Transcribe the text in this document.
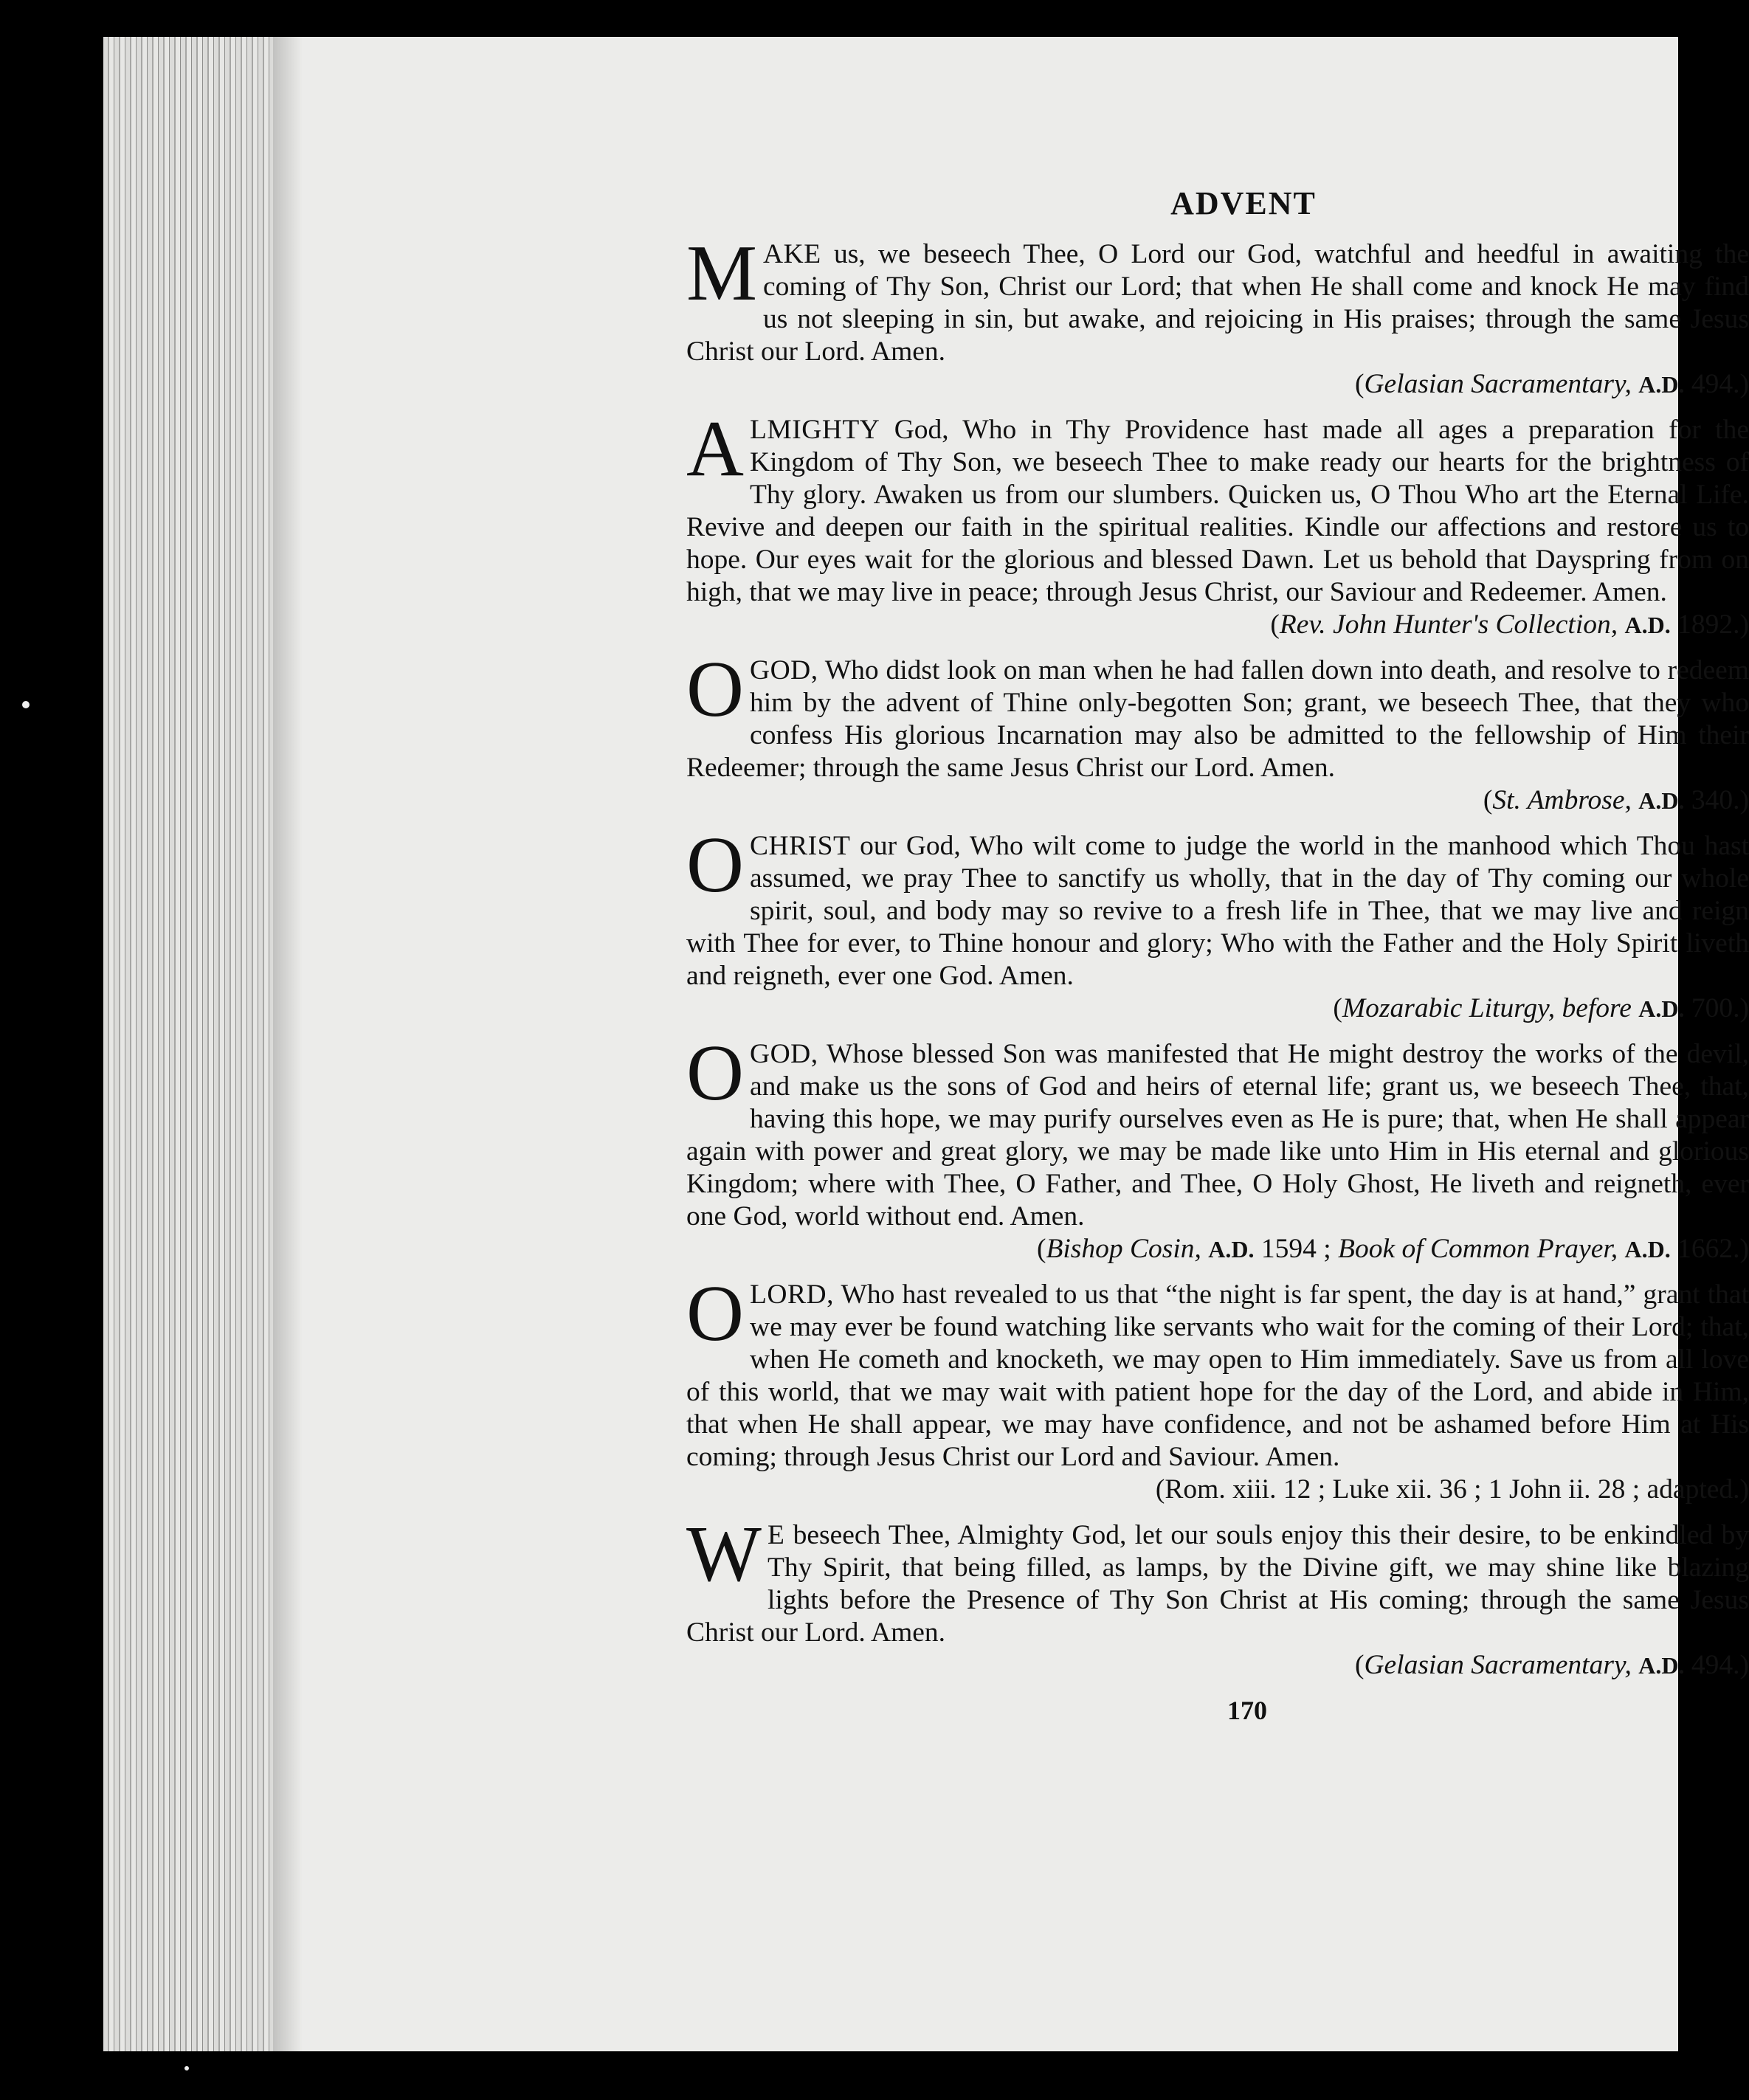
ADVENT

MAKE us, we beseech Thee, O Lord our God, watchful and heedful in awaiting the coming of Thy Son, Christ our Lord; that when He shall come and knock He may find us not sleeping in sin, but awake, and rejoicing in His praises; through the same Jesus Christ our Lord. Amen.

(Gelasian Sacramentary, A.D. 494.)

ALMIGHTY God, Who in Thy Providence hast made all ages a preparation for the Kingdom of Thy Son, we beseech Thee to make ready our hearts for the brightness of Thy glory. Awaken us from our slumbers. Quicken us, O Thou Who art the Eternal Life. Revive and deepen our faith in the spiritual realities. Kindle our affections and restore us to hope. Our eyes wait for the glorious and blessed Dawn. Let us behold that Dayspring from on high, that we may live in peace; through Jesus Christ, our Saviour and Redeemer. Amen.

(Rev. John Hunter's Collection, A.D. 1892.)

OGOD, Who didst look on man when he had fallen down into death, and resolve to redeem him by the advent of Thine only-begotten Son; grant, we beseech Thee, that they who confess His glorious Incarnation may also be admitted to the fellowship of Him their Redeemer; through the same Jesus Christ our Lord. Amen.

(St. Ambrose, A.D. 340.)

OCHRIST our God, Who wilt come to judge the world in the manhood which Thou hast assumed, we pray Thee to sanctify us wholly, that in the day of Thy coming our whole spirit, soul, and body may so revive to a fresh life in Thee, that we may live and reign with Thee for ever, to Thine honour and glory; Who with the Father and the Holy Spirit liveth and reigneth, ever one God. Amen.

(Mozarabic Liturgy, before A.D. 700.)

OGOD, Whose blessed Son was manifested that He might destroy the works of the devil, and make us the sons of God and heirs of eternal life; grant us, we beseech Thee, that, having this hope, we may purify ourselves even as He is pure; that, when He shall appear again with power and great glory, we may be made like unto Him in His eternal and glorious Kingdom; where with Thee, O Father, and Thee, O Holy Ghost, He liveth and reigneth, ever one God, world without end. Amen.

(Bishop Cosin, A.D. 1594 ; Book of Common Prayer, A.D. 1662.)

OLORD, Who hast revealed to us that “the night is far spent, the day is at hand,” grant that we may ever be found watching like servants who wait for the coming of their Lord; that, when He cometh and knocketh, we may open to Him immediately. Save us from all love of this world, that we may wait with patient hope for the day of the Lord, and abide in Him, that when He shall appear, we may have confidence, and not be ashamed before Him at His coming; through Jesus Christ our Lord and Saviour. Amen.

(Rom. xiii. 12 ; Luke xii. 36 ; 1 John ii. 28 ; adapted.)

W E beseech Thee, Almighty God, let our souls enjoy this their desire, to be enkindled by Thy Spirit, that being filled, as lamps, by the Divine gift, we may shine like blazing lights before the Presence of Thy Son Christ at His coming; through the same Jesus Christ our Lord. Amen.

(Gelasian Sacramentary, A.D. 494.)

170
